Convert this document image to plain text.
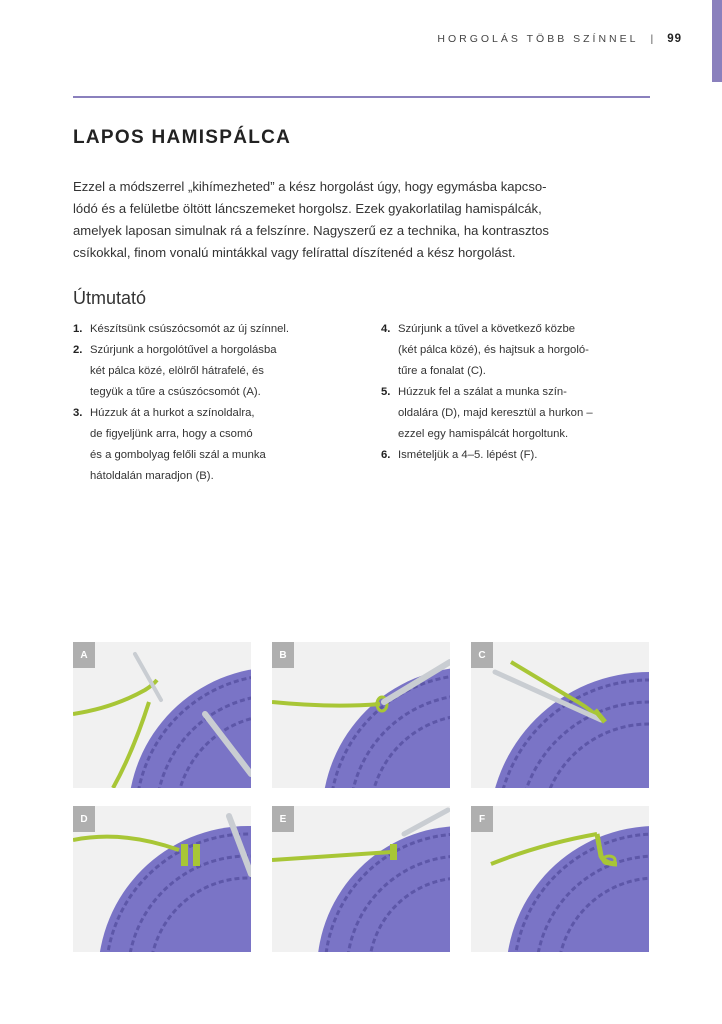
HORGOLÁS TÖBB SZÍNNEL | 99
LAPOS HAMISPÁLCA

Ezzel a módszerrel „kihímezheted” a kész horgolást úgy, hogy egymásba kapcso-
lódó és a felületbe öltött láncszemeket horgolsz. Ezek gyakorlatilag hamispálcák,
amelyek laposan simulnak rá a felszínre. Nagyszerű ez a technika, ha kontrasztos
csíkokkal, finom vonalú mintákkal vagy felírattal díszítenéd a kész horgolást.

Útmutató
1. Készítsünk csúszócsomót az új színnel.
2. Szúrjunk a horgolótűvel a horgolásba
két pálca közé, elölről hátrafelé, és
tegyük a tűre a csúszócsomót (A).
3. Húzzuk át a hurkot a színoldalra,
de figyeljünk arra, hogy a csomó
és a gombolyag felőli szál a munka
hátoldalán maradjon (B).
4. Szúrjunk a tűvel a következő közbe
(két pálca közé), és hajtsuk a horgoló-
tűre a fonalat (C).
5. Húzzuk fel a szálat a munka szín-
oldalára (D), majd keresztül a hurkon –
ezzel egy hamispálcát horgoltunk.
6. Ismételjük a 4–5. lépést (F).
A	B	C
D	E	F
